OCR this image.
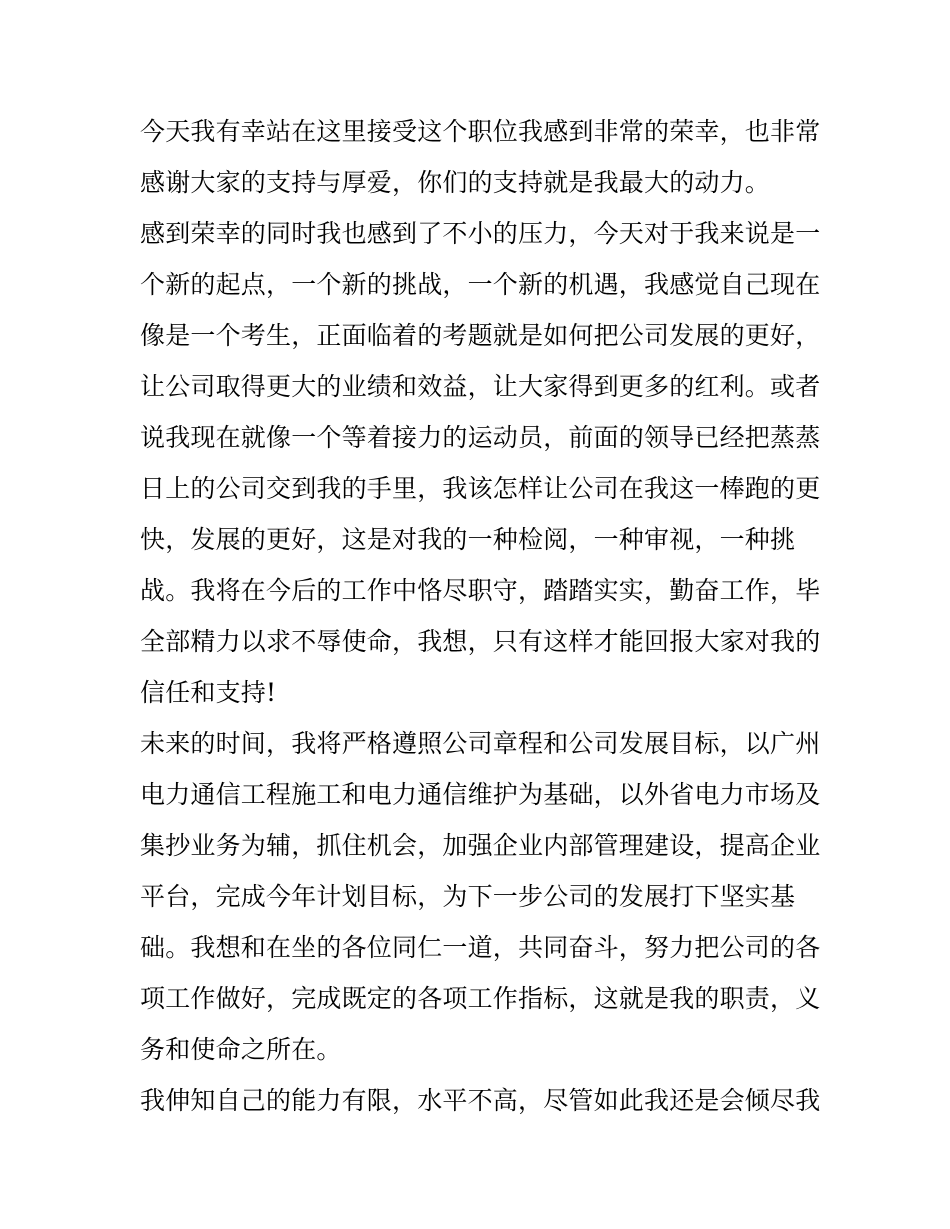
今天我有幸站在这里接受这个职位我感到非常的荣幸，也非常
感谢大家的支持与厚爱，你们的支持就是我最大的动力。
感到荣幸的同时我也感到了不小的压力，今天对于我来说是一
个新的起点，一个新的挑战，一个新的机遇，我感觉自己现在
像是一个考生，正面临着的考题就是如何把公司发展的更好，
让公司取得更大的业绩和效益，让大家得到更多的红利。或者
说我现在就像一个等着接力的运动员，前面的领导已经把蒸蒸
日上的公司交到我的手里，我该怎样让公司在我这一棒跑的更
快，发展的更好，这是对我的一种检阅，一种审视，一种挑
战。我将在今后的工作中恪尽职守，踏踏实实，勤奋工作，毕
全部精力以求不辱使命，我想，只有这样才能回报大家对我的
信任和支持!
未来的时间，我将严格遵照公司章程和公司发展目标，以广州
电力通信工程施工和电力通信维护为基础，以外省电力市场及
集抄业务为辅，抓住机会，加强企业内部管理建设，提高企业
平台，完成今年计划目标，为下一步公司的发展打下坚实基
础。我想和在坐的各位同仁一道，共同奋斗，努力把公司的各
项工作做好，完成既定的各项工作指标，这就是我的职责，义
务和使命之所在。
我伸知自己的能力有限，水平不高，尽管如此我还是会倾尽我
